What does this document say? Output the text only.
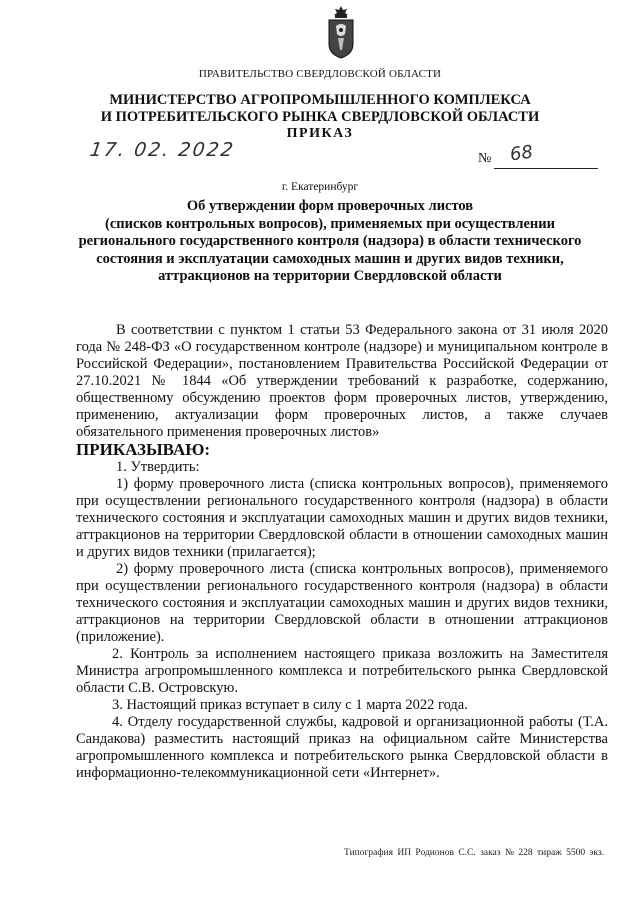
ПРАВИТЕЛЬСТВО СВЕРДЛОВСКОЙ ОБЛАСТИ
МИНИСТЕРСТВО АГРОПРОМЫШЛЕННОГО КОМПЛЕКСА
И ПОТРЕБИТЕЛЬСКОГО РЫНКА СВЕРДЛОВСКОЙ ОБЛАСТИ
ПРИКАЗ
17. 02. 2022	№ 68
г. Екатеринбург
Об утверждении форм проверочных листов
(списков контрольных вопросов), применяемых при осуществлении
регионального государственного контроля (надзора) в области технического
состояния и эксплуатации самоходных машин и других видов техники,
аттракционов на территории Свердловской области

В соответствии с пунктом 1 статьи 53 Федерального закона от 31 июля 2020 года № 248-ФЗ «О государственном контроле (надзоре) и муниципальном контроле в Российской Федерации», постановлением Правительства Российской Федерации от 27.10.2021 № 1844 «Об утверждении требований к разработке, содержанию, общественному обсуждению проектов форм проверочных листов, утверждению, применению, актуализации форм проверочных листов, а также случаев обязательного применения проверочных листов»

ПРИКАЗЫВАЮ:

1. Утвердить:

1) форму проверочного листа (списка контрольных вопросов), применяемого при осуществлении регионального государственного контроля (надзора) в области технического состояния и эксплуатации самоходных машин и других видов техники, аттракционов на территории Свердловской области в отношении самоходных машин и других видов техники (прилагается);

2) форму проверочного листа (списка контрольных вопросов), применяемого при осуществлении регионального государственного контроля (надзора) в области технического состояния и эксплуатации самоходных машин и других видов техники, аттракционов на территории Свердловской области в отношении аттракционов (приложение).

2. Контроль за исполнением настоящего приказа возложить на Заместителя Министра агропромышленного комплекса и потребительского рынка Свердловской области С.В. Островскую.

3. Настоящий приказ вступает в силу с 1 марта 2022 года.

4. Отделу государственной службы, кадровой и организационной работы (Т.А. Сандакова) разместить настоящий приказ на официальном сайте Министерства агропромышленного комплекса и потребительского рынка Свердловской области в информационно-телекоммуникационной сети «Интернет».

Типография ИП Родионов С.С. заказ № 228 тираж 5500 экз.
